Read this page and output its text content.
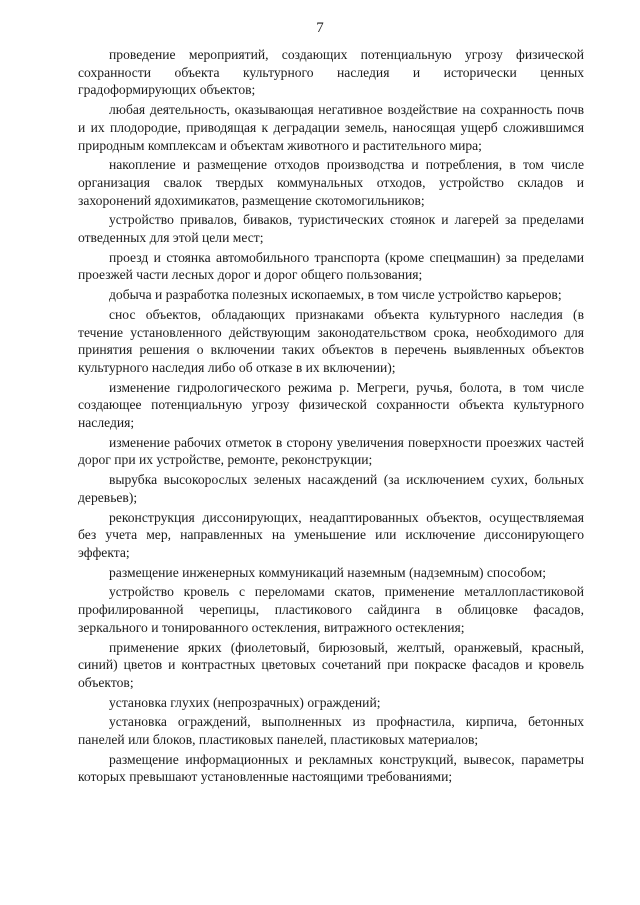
7

проведение мероприятий, создающих потенциальную угрозу физической сохранности объекта культурного наследия и исторически ценных градоформирующих объектов;

любая деятельность, оказывающая негативное воздействие на сохранность почв и их плодородие, приводящая к деградации земель, наносящая ущерб сложившимся природным комплексам и объектам животного и растительного мира;

накопление и размещение отходов производства и потребления, в том числе организация свалок твердых коммунальных отходов, устройство складов и захоронений ядохимикатов, размещение скотомогильников;

устройство привалов, биваков, туристических стоянок и лагерей за пределами отведенных для этой цели мест;

проезд и стоянка автомобильного транспорта (кроме спецмашин) за пределами проезжей части лесных дорог и дорог общего пользования;

добыча и разработка полезных ископаемых, в том числе устройство карьеров;

снос объектов, обладающих признаками объекта культурного наследия (в течение установленного действующим законодательством срока, необходимого для принятия решения о включении таких объектов в перечень выявленных объектов культурного наследия либо об отказе в их включении);

изменение гидрологического режима р. Мегреги, ручья, болота, в том числе создающее потенциальную угрозу физической сохранности объекта культурного наследия;

изменение рабочих отметок в сторону увеличения поверхности проезжих частей дорог при их устройстве, ремонте, реконструкции;

вырубка высокорослых зеленых насаждений (за исключением сухих, больных деревьев);

реконструкция диссонирующих, неадаптированных объектов, осуществляемая без учета мер, направленных на уменьшение или исключение диссонирующего эффекта;

размещение инженерных коммуникаций наземным (надземным) способом;

устройство кровель с переломами скатов, применение металлопластиковой профилированной черепицы, пластикового сайдинга в облицовке фасадов, зеркального и тонированного остекления, витражного остекления;

применение ярких (фиолетовый, бирюзовый, желтый, оранжевый, красный, синий) цветов и контрастных цветовых сочетаний при покраске фасадов и кровель объектов;

установка глухих (непрозрачных) ограждений;

установка ограждений, выполненных из профнастила, кирпича, бетонных панелей или блоков, пластиковых панелей, пластиковых материалов;

размещение информационных и рекламных конструкций, вывесок, параметры которых превышают установленные настоящими требованиями;
